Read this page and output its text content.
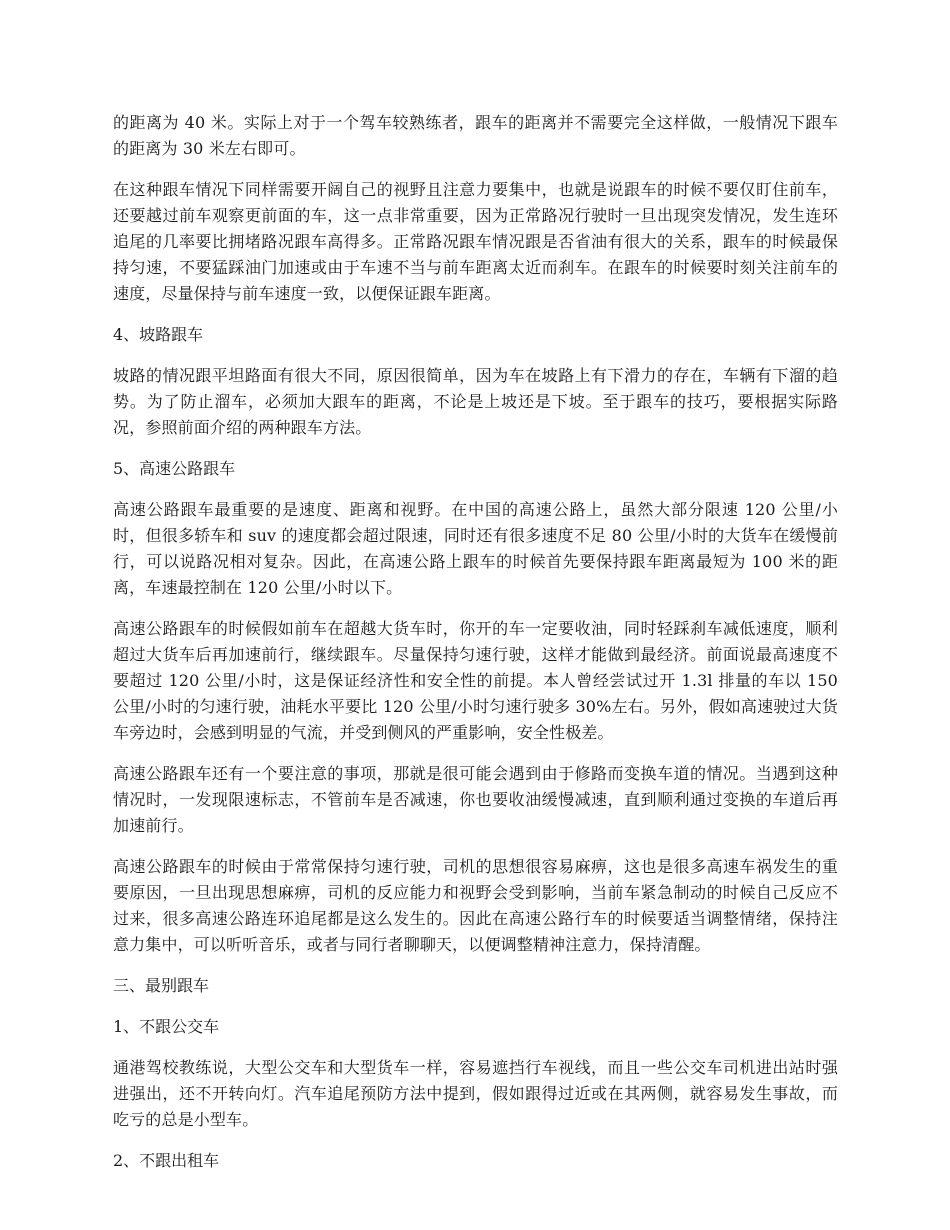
的距离为 40 米。实际上对于一个驾车较熟练者，跟车的距离并不需要完全这样做，一般情况下跟车的距离为 30 米左右即可。

在这种跟车情况下同样需要开阔自己的视野且注意力要集中，也就是说跟车的时候不要仅盯住前车，还要越过前车观察更前面的车，这一点非常重要，因为正常路况行驶时一旦出现突发情况，发生连环追尾的几率要比拥堵路况跟车高得多。正常路况跟车情况跟是否省油有很大的关系，跟车的时候最保持匀速，不要猛踩油门加速或由于车速不当与前车距离太近而刹车。在跟车的时候要时刻关注前车的速度，尽量保持与前车速度一致，以便保证跟车距离。

4、坡路跟车

坡路的情况跟平坦路面有很大不同，原因很简单，因为车在坡路上有下滑力的存在，车辆有下溜的趋势。为了防止溜车，必须加大跟车的距离，不论是上坡还是下坡。至于跟车的技巧，要根据实际路况，参照前面介绍的两种跟车方法。

5、高速公路跟车

高速公路跟车最重要的是速度、距离和视野。在中国的高速公路上，虽然大部分限速 120 公里/小时，但很多轿车和 suv 的速度都会超过限速，同时还有很多速度不足 80 公里/小时的大货车在缓慢前行，可以说路况相对复杂。因此，在高速公路上跟车的时候首先要保持跟车距离最短为 100 米的距离，车速最控制在 120 公里/小时以下。

高速公路跟车的时候假如前车在超越大货车时，你开的车一定要收油，同时轻踩刹车减低速度，顺利超过大货车后再加速前行，继续跟车。尽量保持匀速行驶，这样才能做到最经济。前面说最高速度不要超过 120 公里/小时，这是保证经济性和安全性的前提。本人曾经尝试过开 1.3l 排量的车以 150 公里/小时的匀速行驶，油耗水平要比 120 公里/小时匀速行驶多 30%左右。另外，假如高速驶过大货车旁边时，会感到明显的气流，并受到侧风的严重影响，安全性极差。

高速公路跟车还有一个要注意的事项，那就是很可能会遇到由于修路而变换车道的情况。当遇到这种情况时，一发现限速标志，不管前车是否减速，你也要收油缓慢减速，直到顺利通过变换的车道后再加速前行。

高速公路跟车的时候由于常常保持匀速行驶，司机的思想很容易麻痹，这也是很多高速车祸发生的重要原因，一旦出现思想麻痹，司机的反应能力和视野会受到影响，当前车紧急制动的时候自己反应不过来，很多高速公路连环追尾都是这么发生的。因此在高速公路行车的时候要适当调整情绪，保持注意力集中，可以听听音乐，或者与同行者聊聊天，以便调整精神注意力，保持清醒。

三、最别跟车

1、不跟公交车

通港驾校教练说，大型公交车和大型货车一样，容易遮挡行车视线，而且一些公交车司机进出站时强进强出，还不开转向灯。汽车追尾预防方法中提到，假如跟得过近或在其两侧，就容易发生事故，而吃亏的总是小型车。

2、不跟出租车
